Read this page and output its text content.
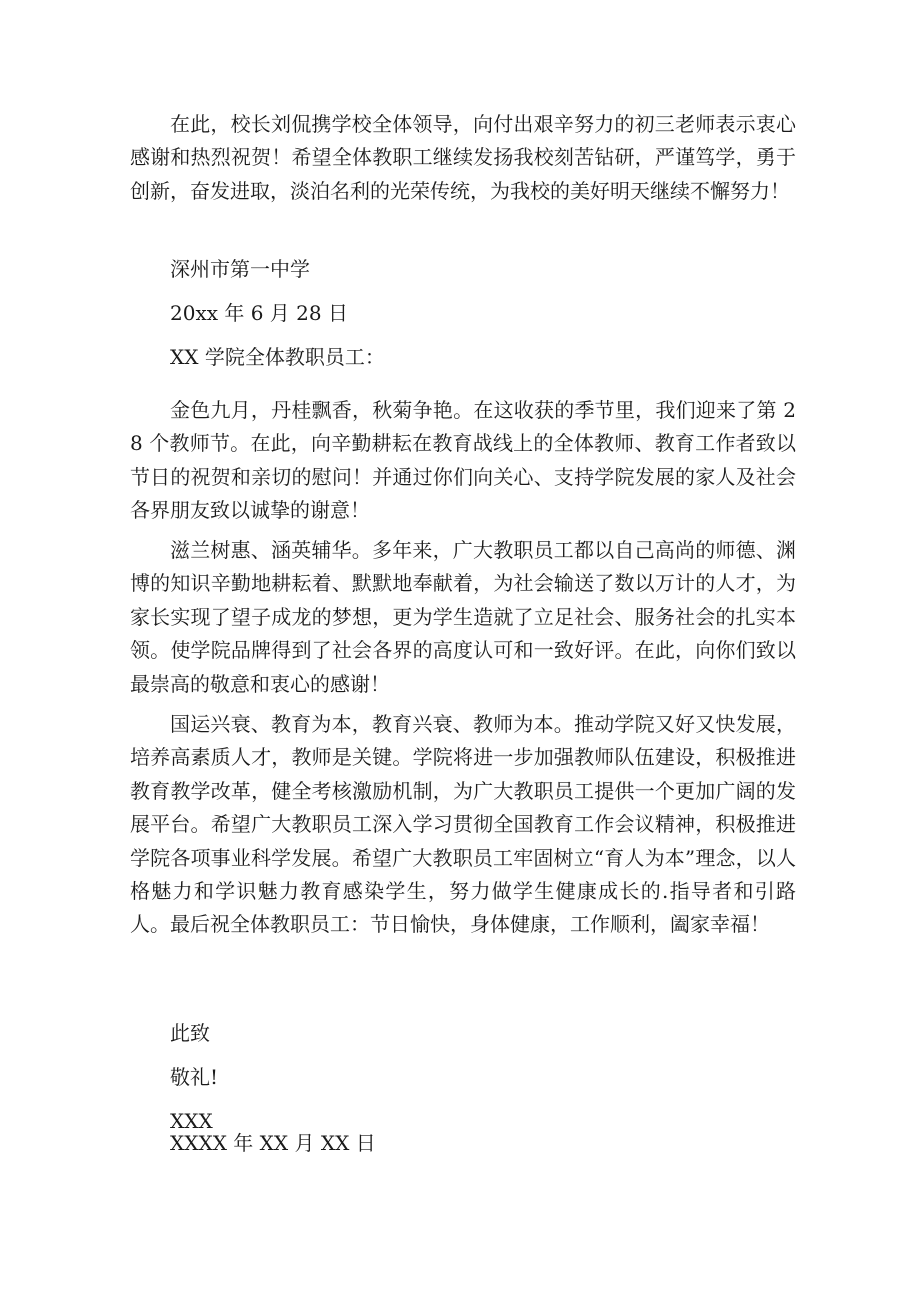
在此，校长刘侃携学校全体领导，向付出艰辛努力的初三老师表示衷心感谢和热烈祝贺！希望全体教职工继续发扬我校刻苦钻研，严谨笃学，勇于创新，奋发进取，淡泊名利的光荣传统，为我校的美好明天继续不懈努力！

深州市第一中学

20xx 年 6 月 28 日

XX 学院全体教职员工：

金色九月，丹桂飘香，秋菊争艳。在这收获的季节里，我们迎来了第 28 个教师节。在此，向辛勤耕耘在教育战线上的全体教师、教育工作者致以节日的祝贺和亲切的慰问！并通过你们向关心、支持学院发展的家人及社会各界朋友致以诚挚的谢意！

滋兰树惠、涵英辅华。多年来，广大教职员工都以自己高尚的师德、渊博的知识辛勤地耕耘着、默默地奉献着，为社会输送了数以万计的人才，为家长实现了望子成龙的梦想，更为学生造就了立足社会、服务社会的扎实本领。使学院品牌得到了社会各界的高度认可和一致好评。在此，向你们致以最崇高的敬意和衷心的感谢！

国运兴衰、教育为本，教育兴衰、教师为本。推动学院又好又快发展，培养高素质人才，教师是关键。学院将进一步加强教师队伍建设，积极推进教育教学改革，健全考核激励机制，为广大教职员工提供一个更加广阔的发展平台。希望广大教职员工深入学习贯彻全国教育工作会议精神，积极推进学院各项事业科学发展。希望广大教职员工牢固树立“育人为本”理念，以人格魅力和学识魅力教育感染学生，努力做学生健康成长的.指导者和引路人。最后祝全体教职员工：节日愉快，身体健康，工作顺利，阖家幸福！

此致

敬礼!

XXX

XXXX 年 XX 月 XX 日
